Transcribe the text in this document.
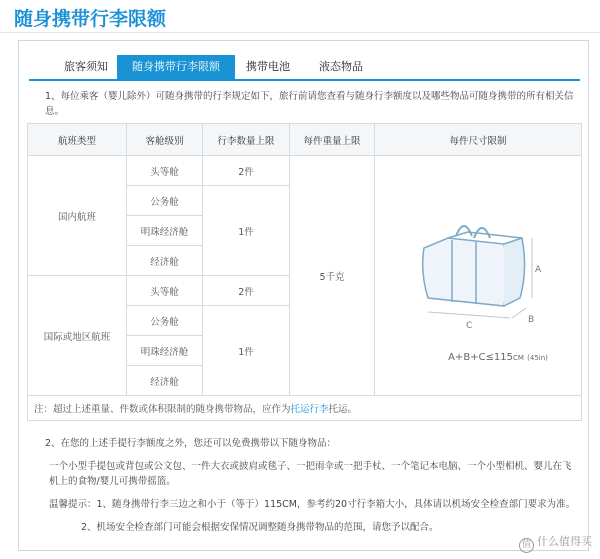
随身携带行李限额
旅客须知	随身携带行李限额	携带电池	液态物品
1、每位乘客（婴儿除外）可随身携带的行李规定如下，旅行前请您查看与随身行李额度以及哪些物品可随身携带的所有相关信息。
航班类型	客舱级别	行李数量上限	每件重量上限	每件尺寸限制
国内航班	头等舱	2件	5千克	A
B
C
A+B+C≤115CM (45in)

	公务舱	1件		
	明珠经济舱			
	经济舱			
国际或地区航班	头等舱	2件		
	公务舱	1件		
	明珠经济舱			
	经济舱			
注：超过上述重量、件数或体积限制的随身携带物品，应作为托运行李托运。				
2、在您的上述手提行李额度之外，您还可以免费携带以下随身物品：
一个小型手提包或背包或公文包、一件大衣或披肩或毯子、一把雨伞或一把手杖、一个笔记本电脑、一个小型相机、婴儿在飞机上的食物/婴儿可携带摇篮。
温馨提示：1、随身携带行李三边之和小于（等于）115CM，参考约20寸行李箱大小，具体请以机场安全检查部门要求为准。
2、机场安全检查部门可能会根据安保情况调整随身携带物品的范围，请您予以配合。
值 什么值得买
